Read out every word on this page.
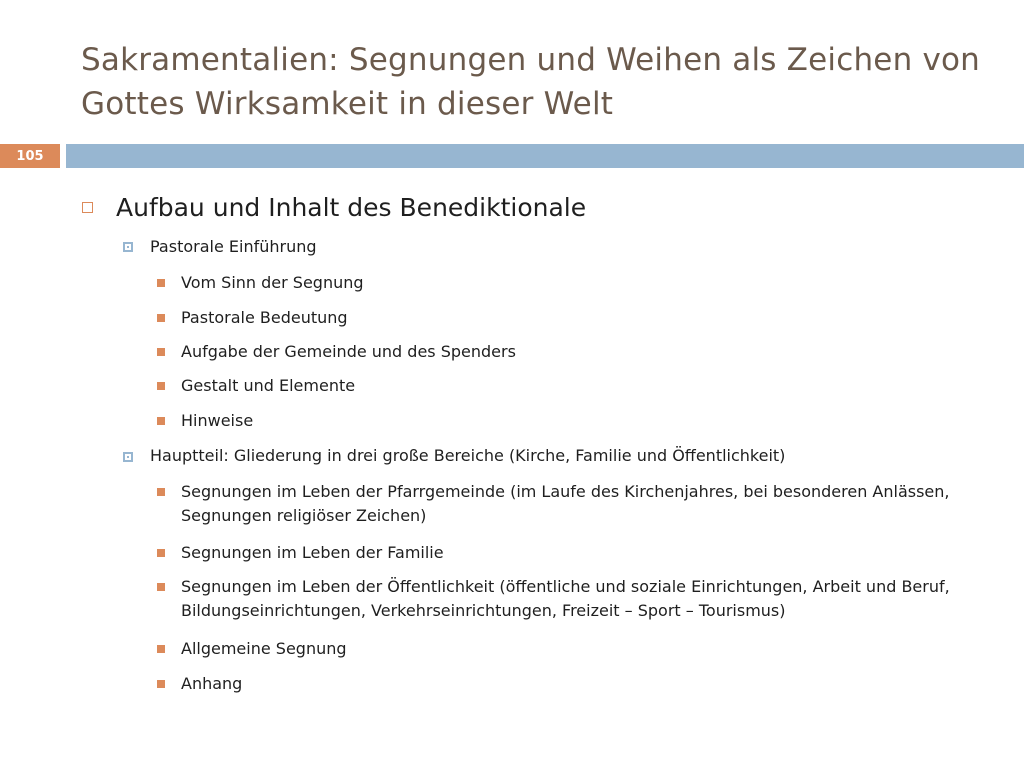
Sakramentalien: Segnungen und Weihen als Zeichen von
Gottes Wirksamkeit in dieser Welt
105
Aufbau und Inhalt des Benediktionale
Pastorale Einführung
Vom Sinn der Segnung
Pastorale Bedeutung
Aufgabe der Gemeinde und des Spenders
Gestalt und Elemente
Hinweise
Hauptteil: Gliederung in drei große Bereiche (Kirche, Familie und Öffentlichkeit)
Segnungen im Leben der Pfarrgemeinde (im Laufe des Kirchenjahres, bei besonderen Anlässen, Segnungen religiöser Zeichen)
Segnungen im Leben der Familie
Segnungen im Leben der Öffentlichkeit (öffentliche und soziale Einrichtungen, Arbeit und Beruf, Bildungseinrichtungen, Verkehrseinrichtungen, Freizeit – Sport – Tourismus)
Allgemeine Segnung
Anhang
